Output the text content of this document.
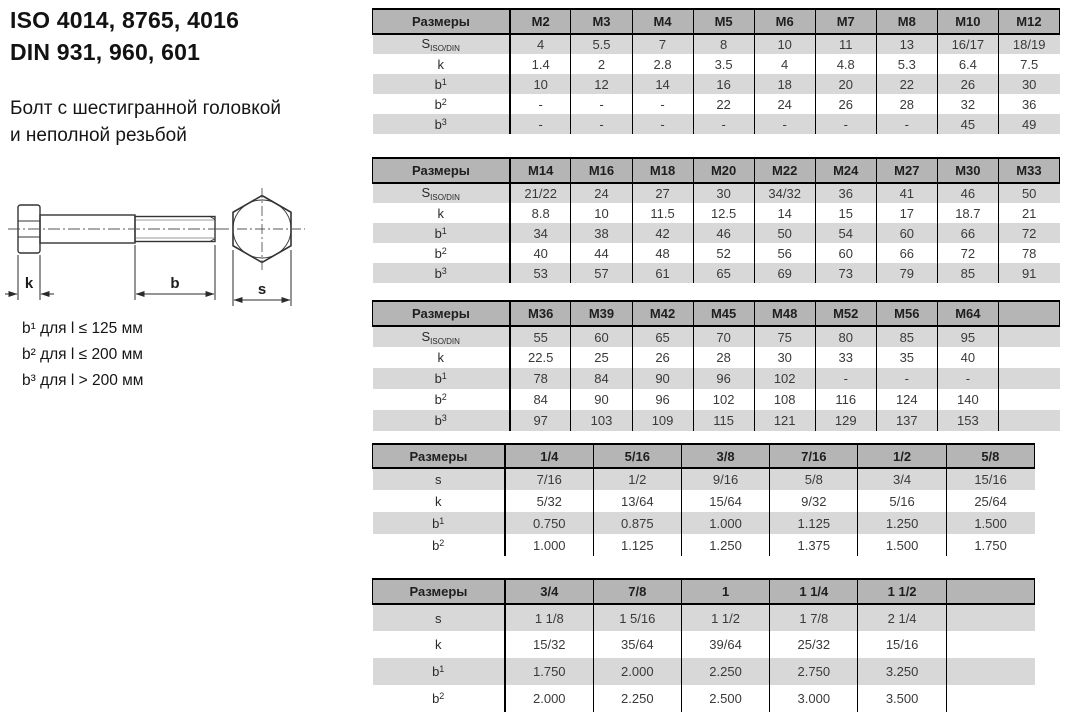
ISO 4014, 8765, 4016
DIN 931, 960, 601
Болт с шестигранной головкой
и неполной резьбой
k	b	s
b¹ для l ≤ 125 мм
b² для l ≤ 200 мм
b³ для l > 200 мм
Размеры	M2	M3	M4	M5	M6	M7	M8	M10	M12
$S_{ISO/DIN}$	4	5.5	7	8	10	11	13	16/17	18/19
k	1.4	2	2.8	3.5	4	4.8	5.3	6.4	7.5
$b^1$	10	12	14	16	18	20	22	26	30
$b^2$	-	-	-	22	24	26	28	32	36
$b^3$	-	-	-	-	-	-	-	45	49
Размеры	M14	M16	M18	M20	M22	M24	M27	M30	M33
$S_{ISO/DIN}$	21/22	24	27	30	34/32	36	41	46	50
k	8.8	10	11.5	12.5	14	15	17	18.7	21
$b^1$	34	38	42	46	50	54	60	66	72
$b^2$	40	44	48	52	56	60	66	72	78
$b^3$	53	57	61	65	69	73	79	85	91
Размеры	M36	M39	M42	M45	M48	M52	M56	M64	
$S_{ISO/DIN}$	55	60	65	70	75	80	85	95	
k	22.5	25	26	28	30	33	35	40	
$b^1$	78	84	90	96	102	-	-	-	
$b^2$	84	90	96	102	108	116	124	140	
$b^3$	97	103	109	115	121	129	137	153	
Размеры	1/4	5/16	3/8	7/16	1/2	5/8
s	7/16	1/2	9/16	5/8	3/4	15/16
k	5/32	13/64	15/64	9/32	5/16	25/64
$b^1$	0.750	0.875	1.000	1.125	1.250	1.500
$b^2$	1.000	1.125	1.250	1.375	1.500	1.750
Размеры	3/4	7/8	1	1 1/4	1 1/2	
s	1 1/8	1 5/16	1 1/2	1 7/8	2 1/4	
k	15/32	35/64	39/64	25/32	15/16	
$b^1$	1.750	2.000	2.250	2.750	3.250	
$b^2$	2.000	2.250	2.500	3.000	3.500	
